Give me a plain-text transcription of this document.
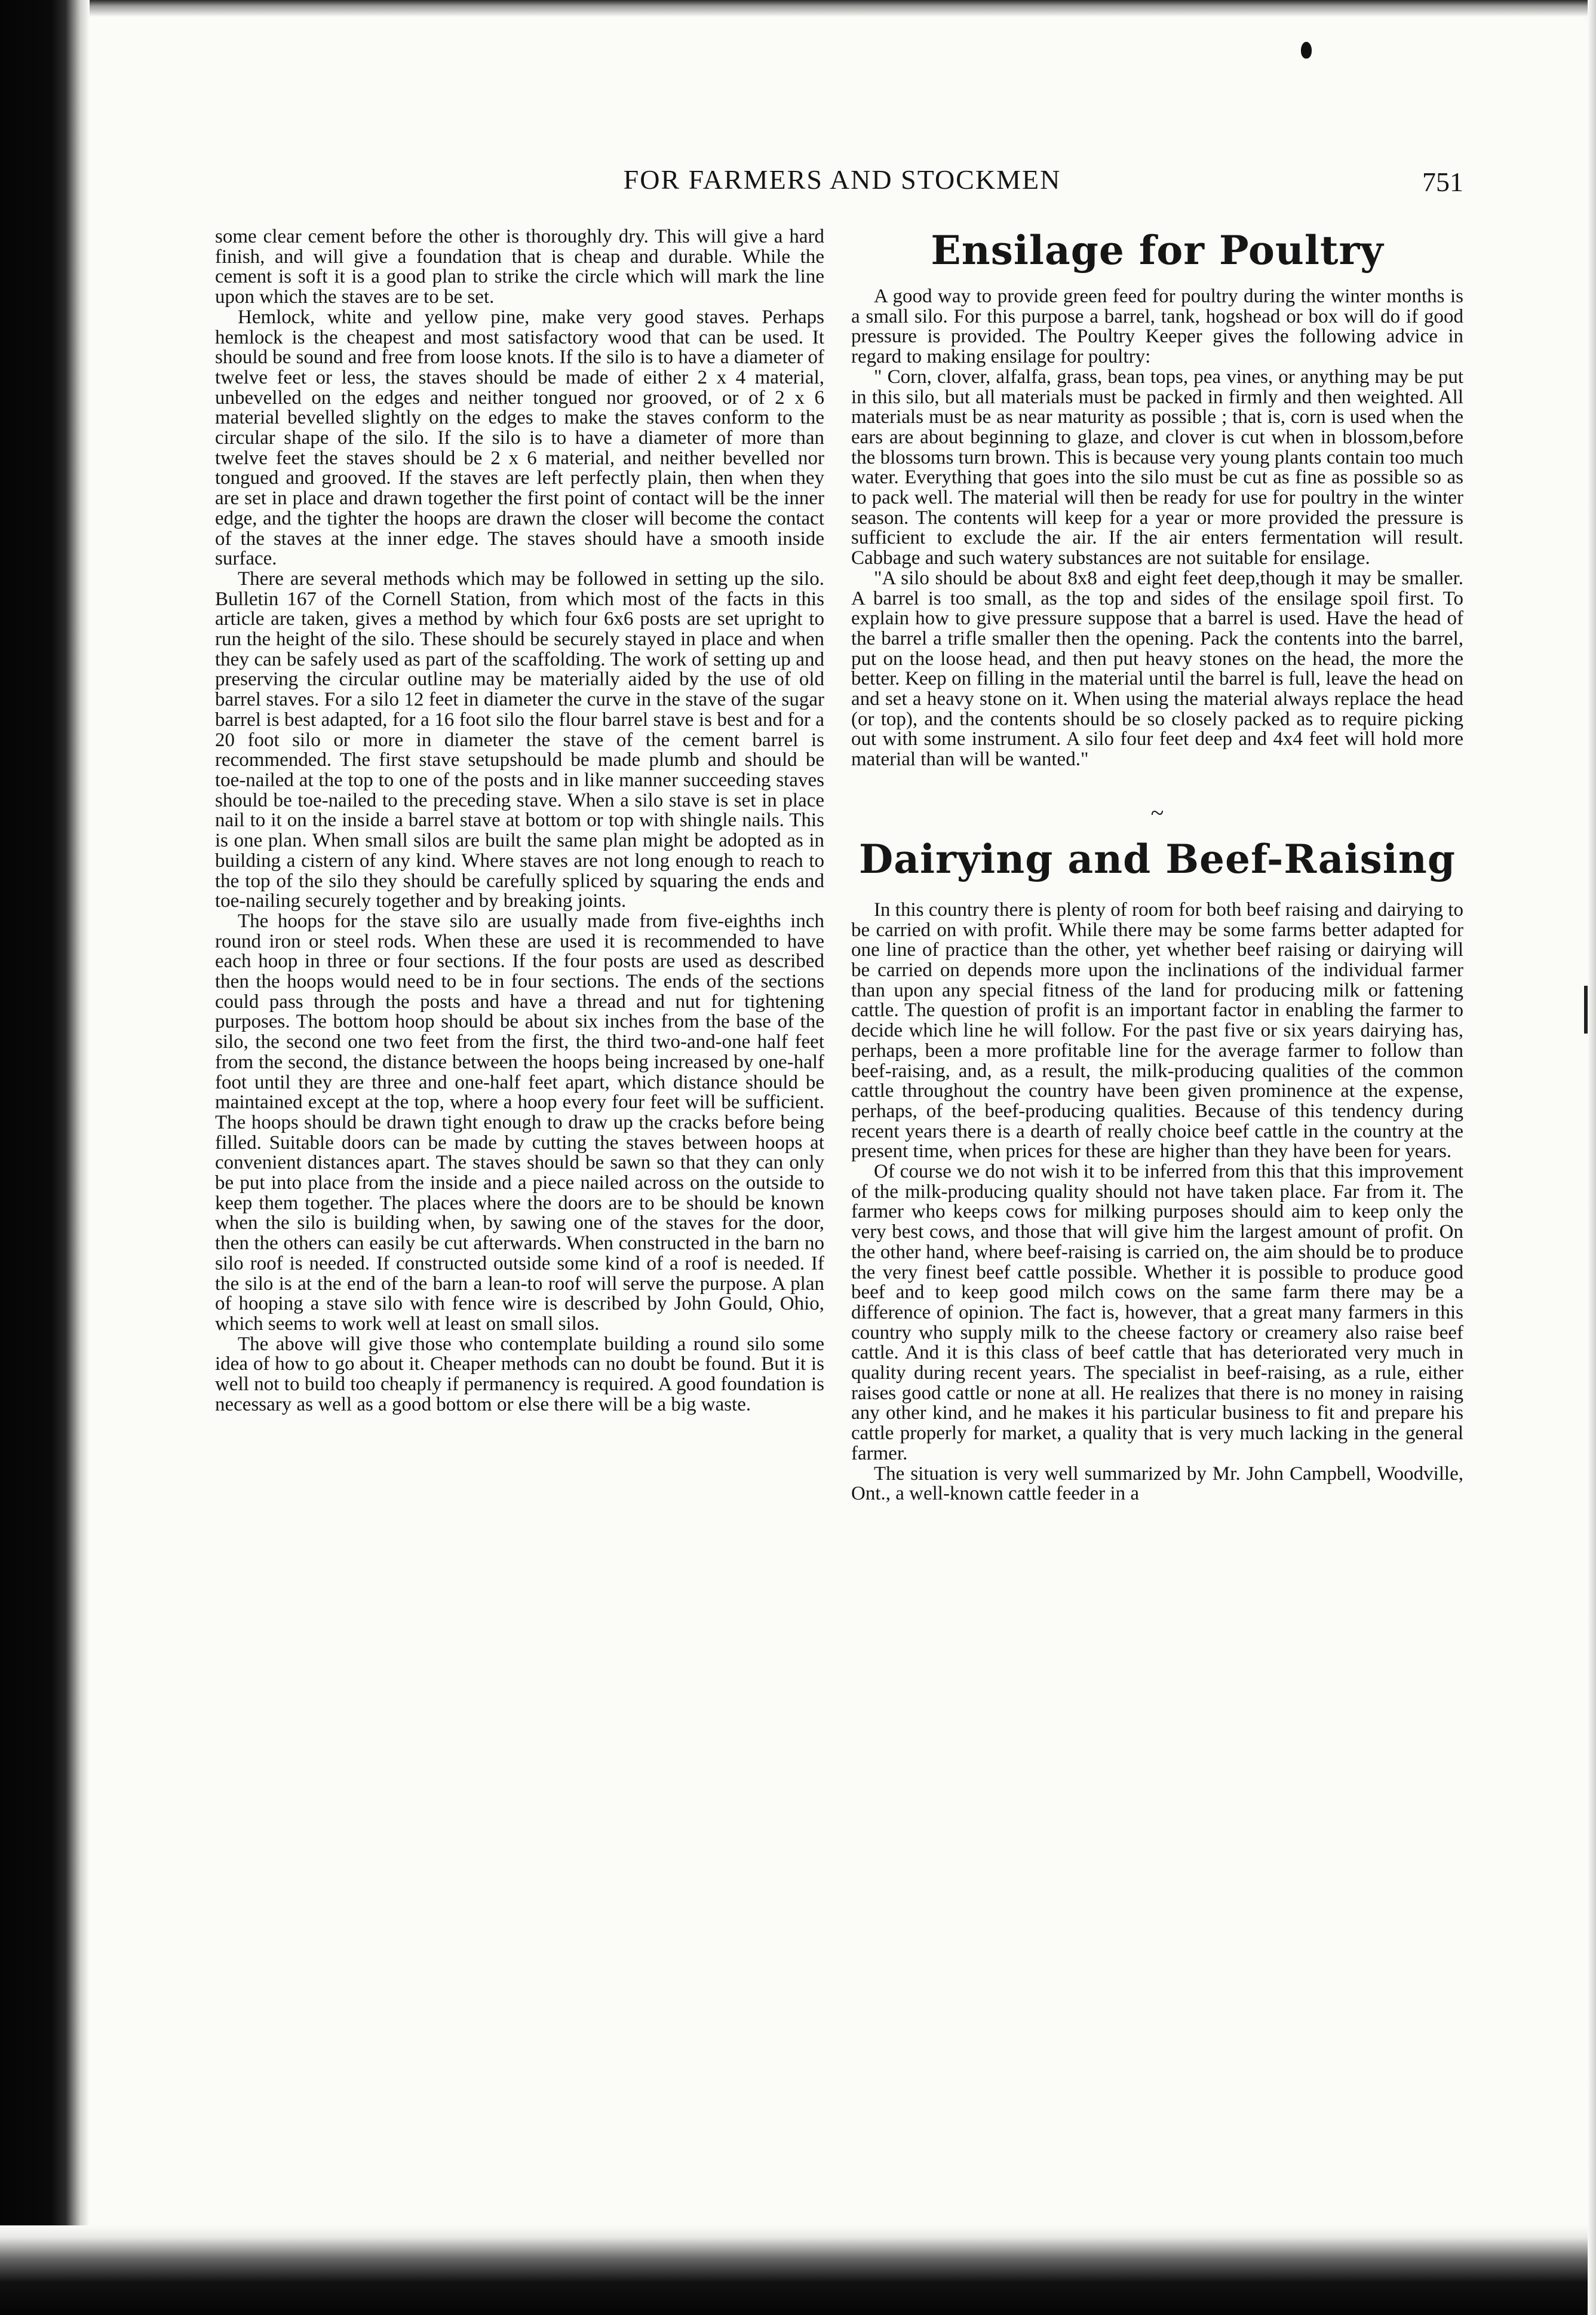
FOR FARMERS AND STOCKMEN	751

some clear cement before the other is thoroughly dry. This will give a hard finish, and will give a foundation that is cheap and durable. While the cement is soft it is a good plan to strike the circle which will mark the line upon which the staves are to be set.

Hemlock, white and yellow pine, make very good staves. Perhaps hemlock is the cheapest and most satisfactory wood that can be used. It should be sound and free from loose knots. If the silo is to have a diameter of twelve feet or less, the staves should be made of either 2 x 4 material, unbevelled on the edges and neither tongued nor grooved, or of 2 x 6 material bevelled slightly on the edges to make the staves conform to the circular shape of the silo. If the silo is to have a diameter of more than twelve feet the staves should be 2 x 6 material, and neither bevelled nor tongued and grooved. If the staves are left perfectly plain, then when they are set in place and drawn together the first point of contact will be the inner edge, and the tighter the hoops are drawn the closer will become the contact of the staves at the inner edge. The staves should have a smooth inside surface.

There are several methods which may be followed in setting up the silo. Bulletin 167 of the Cornell Station, from which most of the facts in this article are taken, gives a method by which four 6x6 posts are set upright to run the height of the silo. These should be securely stayed in place and when they can be safely used as part of the scaffolding. The work of setting up and preserving the circular outline may be materially aided by the use of old barrel staves. For a silo 12 feet in diameter the curve in the stave of the sugar barrel is best adapted, for a 16 foot silo the flour barrel stave is best and for a 20 foot silo or more in diameter the stave of the cement barrel is recommended. The first stave setupshould be made plumb and should be toe-nailed at the top to one of the posts and in like manner succeeding staves should be toe-nailed to the preceding stave. When a silo stave is set in place nail to it on the inside a barrel stave at bottom or top with shingle nails. This is one plan. When small silos are built the same plan might be adopted as in building a cistern of any kind. Where staves are not long enough to reach to the top of the silo they should be carefully spliced by squaring the ends and toe-nailing securely together and by breaking joints.

The hoops for the stave silo are usually made from five-eighths inch round iron or steel rods. When these are used it is recommended to have each hoop in three or four sections. If the four posts are used as described then the hoops would need to be in four sections. The ends of the sections could pass through the posts and have a thread and nut for tightening purposes. The bottom hoop should be about six inches from the base of the silo, the second one two feet from the first, the third two-and-one half feet from the second, the distance between the hoops being increased by one-half foot until they are three and one-half feet apart, which distance should be maintained except at the top, where a hoop every four feet will be sufficient. The hoops should be drawn tight enough to draw up the cracks before being filled. Suitable doors can be made by cutting the staves between hoops at convenient distances apart. The staves should be sawn so that they can only be put into place from the inside and a piece nailed across on the outside to keep them together. The places where the doors are to be should be known when the silo is building when, by sawing one of the staves for the door, then the others can easily be cut afterwards. When constructed in the barn no silo roof is needed. If constructed outside some kind of a roof is needed. If the silo is at the end of the barn a lean-to roof will serve the purpose. A plan of hooping a stave silo with fence wire is described by John Gould, Ohio, which seems to work well at least on small silos.

The above will give those who contemplate building a round silo some idea of how to go about it. Cheaper methods can no doubt be found. But it is well not to build too cheaply if permanency is required. A good foundation is necessary as well as a good bottom or else there will be a big waste.

Ensilage for Poultry

A good way to provide green feed for poultry during the winter months is a small silo. For this purpose a barrel, tank, hogshead or box will do if good pressure is provided. The Poultry Keeper gives the following advice in regard to making ensilage for poultry:

" Corn, clover, alfalfa, grass, bean tops, pea vines, or anything may be put in this silo, but all materials must be packed in firmly and then weighted. All materials must be as near maturity as possible ; that is, corn is used when the ears are about beginning to glaze, and clover is cut when in blossom,before the blossoms turn brown. This is because very young plants contain too much water. Everything that goes into the silo must be cut as fine as possible so as to pack well. The material will then be ready for use for poultry in the winter season. The contents will keep for a year or more provided the pressure is sufficient to exclude the air. If the air enters fermentation will result. Cabbage and such watery substances are not suitable for ensilage.

"A silo should be about 8x8 and eight feet deep,though it may be smaller. A barrel is too small, as the top and sides of the ensilage spoil first. To explain how to give pressure suppose that a barrel is used. Have the head of the barrel a trifle smaller then the opening. Pack the contents into the barrel, put on the loose head, and then put heavy stones on the head, the more the better. Keep on filling in the material until the barrel is full, leave the head on and set a heavy stone on it. When using the material always replace the head (or top), and the contents should be so closely packed as to require picking out with some instrument. A silo four feet deep and 4x4 feet will hold more material than will be wanted."

~
Dairying and Beef-Raising

In this country there is plenty of room for both beef raising and dairying to be carried on with profit. While there may be some farms better adapted for one line of practice than the other, yet whether beef raising or dairying will be carried on depends more upon the inclinations of the individual farmer than upon any special fitness of the land for producing milk or fattening cattle. The question of profit is an important factor in enabling the farmer to decide which line he will follow. For the past five or six years dairying has, perhaps, been a more profitable line for the average farmer to follow than beef-raising, and, as a result, the milk-producing qualities of the common cattle throughout the country have been given prominence at the expense, perhaps, of the beef-producing qualities. Because of this tendency during recent years there is a dearth of really choice beef cattle in the country at the present time, when prices for these are higher than they have been for years.

Of course we do not wish it to be inferred from this that this improvement of the milk-producing quality should not have taken place. Far from it. The farmer who keeps cows for milking purposes should aim to keep only the very best cows, and those that will give him the largest amount of profit. On the other hand, where beef-raising is carried on, the aim should be to produce the very finest beef cattle possible. Whether it is possible to produce good beef and to keep good milch cows on the same farm there may be a difference of opinion. The fact is, however, that a great many farmers in this country who supply milk to the cheese factory or creamery also raise beef cattle. And it is this class of beef cattle that has deteriorated very much in quality during recent years. The specialist in beef-raising, as a rule, either raises good cattle or none at all. He realizes that there is no money in raising any other kind, and he makes it his particular business to fit and prepare his cattle properly for market, a quality that is very much lacking in the general farmer.

The situation is very well summarized by Mr. John Campbell, Woodville, Ont., a well-known cattle feeder in a
